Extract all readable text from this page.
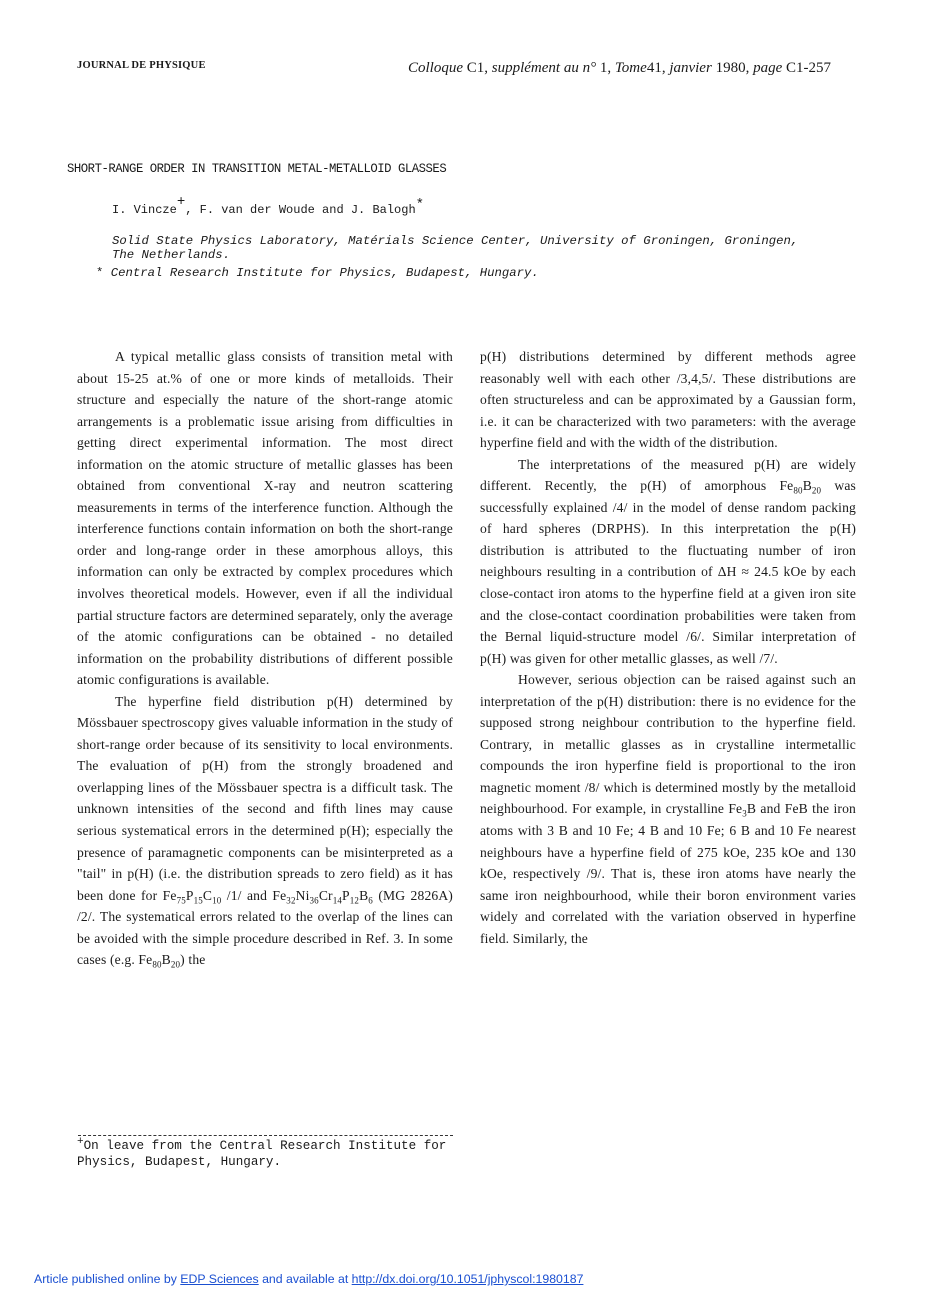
JOURNAL DE PHYSIQUE	Colloque C1, supplément au n° 1, Tome41, janvier 1980, page C1-257
SHORT-RANGE ORDER IN TRANSITION METAL-METALLOID GLASSES
I. Vincze+, F. van der Woude and J. Balogh*
Solid State Physics Laboratory, Matérials Science Center, University of Groningen, Groningen,
The Netherlands.
* Central Research Institute for Physics, Budapest, Hungary.

A typical metallic glass consists of transition metal with about 15-25 at.% of one or more kinds of metalloids. Their structure and especially the nature of the short-range atomic arrangements is a problematic issue arising from difficulties in getting direct experimental information. The most direct information on the atomic structure of metallic glasses has been obtained from conventional X-ray and neutron scattering measurements in terms of the interference function. Although the interference functions contain information on both the short-range order and long-range order in these amorphous alloys, this information can only be extracted by complex procedures which involves theoretical models. However, even if all the individual partial structure factors are determined separately, only the average of the atomic configurations can be obtained - no detailed information on the probability distributions of different possible atomic configurations is available.

The hyperfine field distribution p(H) determined by Mössbauer spectroscopy gives valuable information in the study of short-range order because of its sensitivity to local environments. The evaluation of p(H) from the strongly broadened and overlapping lines of the Mössbauer spectra is a difficult task. The unknown intensities of the second and fifth lines may cause serious systematical errors in the determined p(H); especially the presence of paramagnetic components can be misinterpreted as a "tail" in p(H) (i.e. the distribution spreads to zero field) as it has been done for $Fe_{75}P_{15}C_{10}$ /1/ and $Fe_{32}Ni_{36}Cr_{14}P_{12}B_6$ (MG 2826A) /2/. The systematical errors related to the overlap of the lines can be avoided with the simple procedure described in Ref. 3. In some cases (e.g. $Fe_{80}B_{20}$) the

p(H) distributions determined by different methods agree reasonably well with each other /3,4,5/. These distributions are often structureless and can be approximated by a Gaussian form, i.e. it can be characterized with two parameters: with the average hyperfine field and with the width of the distribution.

The interpretations of the measured p(H) are widely different. Recently, the p(H) of amorphous $Fe_{80}B_{20}$ was successfully explained /4/ in the model of dense random packing of hard spheres (DRPHS). In this interpretation the p(H) distribution is attributed to the fluctuating number of iron neighbours resulting in a contribution of ΔH ≈ 24.5 kOe by each close-contact iron atoms to the hyperfine field at a given iron site and the close-contact coordination probabilities were taken from the Bernal liquid-structure model /6/. Similar interpretation of p(H) was given for other metallic glasses, as well /7/.

However, serious objection can be raised against such an interpretation of the p(H) distribution: there is no evidence for the supposed strong neighbour contribution to the hyperfine field. Contrary, in metallic glasses as in crystalline intermetallic compounds the iron hyperfine field is proportional to the iron magnetic moment /8/ which is determined mostly by the metalloid neighbourhood. For example, in crystalline $Fe_3B$ and FeB the iron atoms with 3 B and 10 Fe; 4 B and 10 Fe; 6 B and 10 Fe nearest neighbours have a hyperfine field of 275 kOe, 235 kOe and 130 kOe, respectively /9/. That is, these iron atoms have nearly the same iron neighbourhood, while their boron environment varies widely and correlated with the variation observed in hyperfine field. Similarly, the

+On leave from the Central Research Institute for Physics, Budapest, Hungary.
Article published online by EDP Sciences and available at http://dx.doi.org/10.1051/jphyscol:1980187
